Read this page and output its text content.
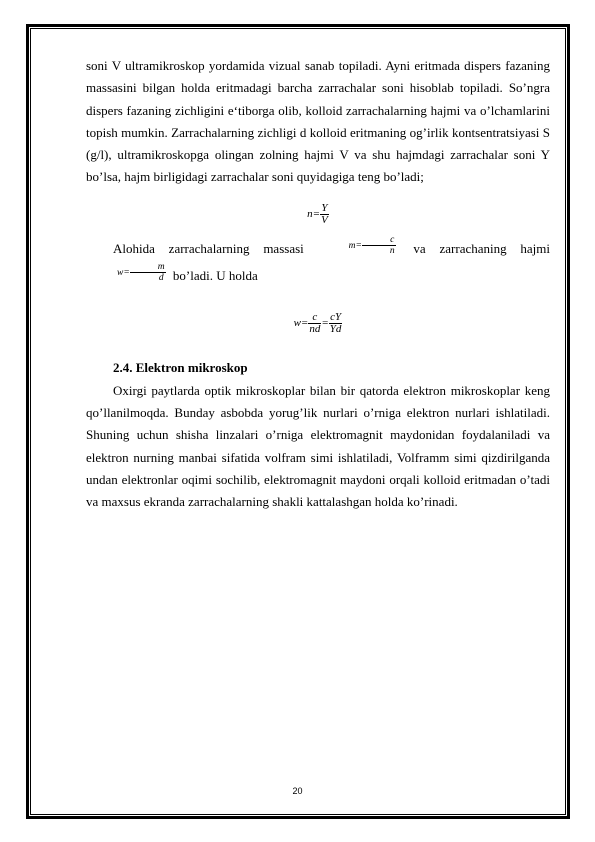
soni V ultramikroskop yordamida vizual sanab topiladi. Ayni eritmada dispers fazaning massasini bilgan holda eritmadagi barcha zarrachalar soni hisoblab topiladi. So’ngra dispers fazaning zichligini e‘tiborga olib, kolloid zarrachalarning hajmi va o’lchamlarini topish mumkin. Zarrachalarning zichligi d kolloid eritmaning og’irlik kontsentratsiyasi S (g/l), ultramikroskopga olingan zolning hajmi V va shu hajmdagi zarrachalar soni Y bo’lsa, hajm birligidagi zarrachalar soni quyidagiga teng bo’ladi;

$n= \frac{Y}{V}$

Alohida zarrachalarning massasi	$m= \frac{c}{n}$ va zarrachaning hajmi $w= \frac{m}{d}$ bo’ladi. U holda

$w= \frac{c}{nd} = \frac{cY}{Yd}$

2.4. Elektron mikroskop

Oxirgi paytlarda optik mikroskoplar bilan bir qatorda elektron mikroskoplar keng qo’llanilmoqda. Bunday asbobda yorug’lik nurlari o’rniga elektron nurlari ishlatiladi. Shuning uchun shisha linzalari o’rniga elektromagnit maydonidan foydalaniladi va elektron nurning manbai sifatida volfram simi ishlatiladi, Volframm simi qizdirilganda undan elektronlar oqimi sochilib, elektromagnit maydoni orqali kolloid eritmadan o’tadi va maxsus ekranda zarrachalarning shakli kattalashgan holda ko’rinadi.

20
